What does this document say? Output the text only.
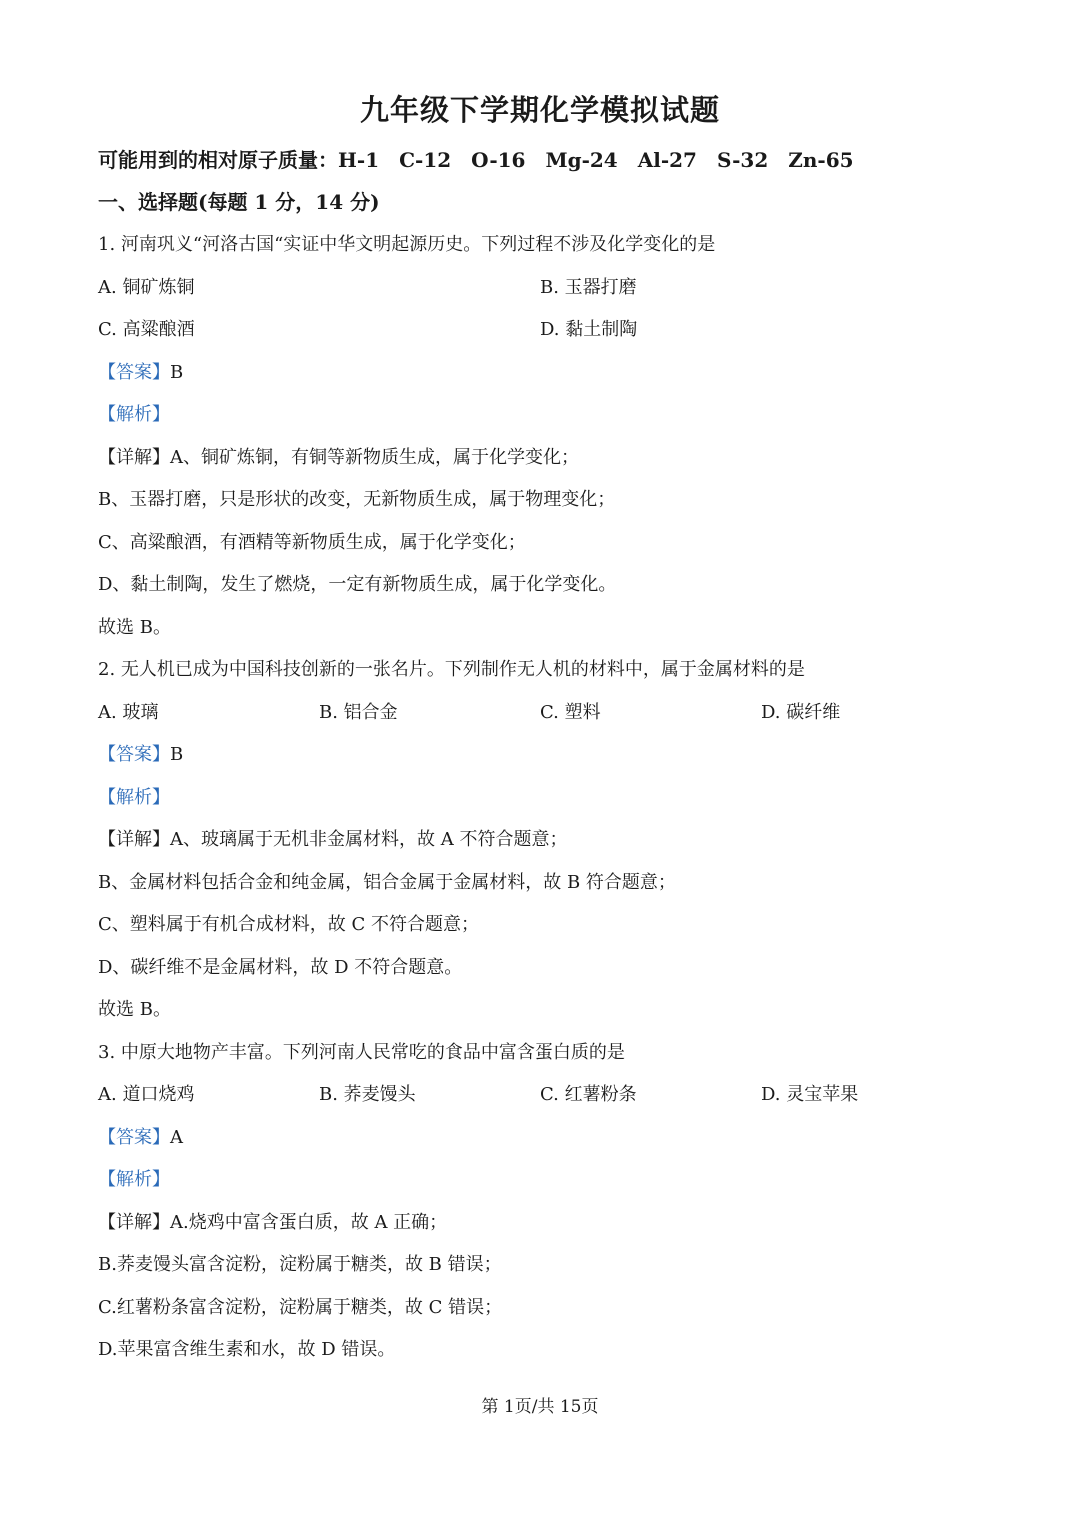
九年级下学期化学模拟试题
可能用到的相对原子质量：H-1　C-12　O-16　Mg-24　Al-27　S-32　Zn-65
一、选择题(每题 1 分，14 分)
1. 河南巩义“河洛古国“实证中华文明起源历史。下列过程不涉及化学变化的是
A. 铜矿炼铜	B. 玉器打磨
C. 高粱酿酒	D. 黏土制陶
【答案】B
【解析】
【详解】A、铜矿炼铜，有铜等新物质生成，属于化学变化；
B、玉器打磨，只是形状的改变，无新物质生成，属于物理变化；
C、高粱酿酒，有酒精等新物质生成，属于化学变化；
D、黏土制陶，发生了燃烧，一定有新物质生成，属于化学变化。
故选 B。
2. 无人机已成为中国科技创新的一张名片。下列制作无人机的材料中，属于金属材料的是
A. 玻璃	B. 铝合金	C. 塑料	D. 碳纤维
【答案】B
【解析】
【详解】A、玻璃属于无机非金属材料，故 A 不符合题意；
B、金属材料包括合金和纯金属，铝合金属于金属材料，故 B 符合题意；
C、塑料属于有机合成材料，故 C 不符合题意；
D、碳纤维不是金属材料，故 D 不符合题意。
故选 B。
3. 中原大地物产丰富。下列河南人民常吃的食品中富含蛋白质的是
A. 道口烧鸡	B. 荞麦馒头	C. 红薯粉条	D. 灵宝苹果
【答案】A
【解析】
【详解】A.烧鸡中富含蛋白质，故 A 正确；
B.荞麦馒头富含淀粉，淀粉属于糖类，故 B 错误；
C.红薯粉条富含淀粉，淀粉属于糖类，故 C 错误；
D.苹果富含维生素和水，故 D 错误。
第 1页/共 15页
